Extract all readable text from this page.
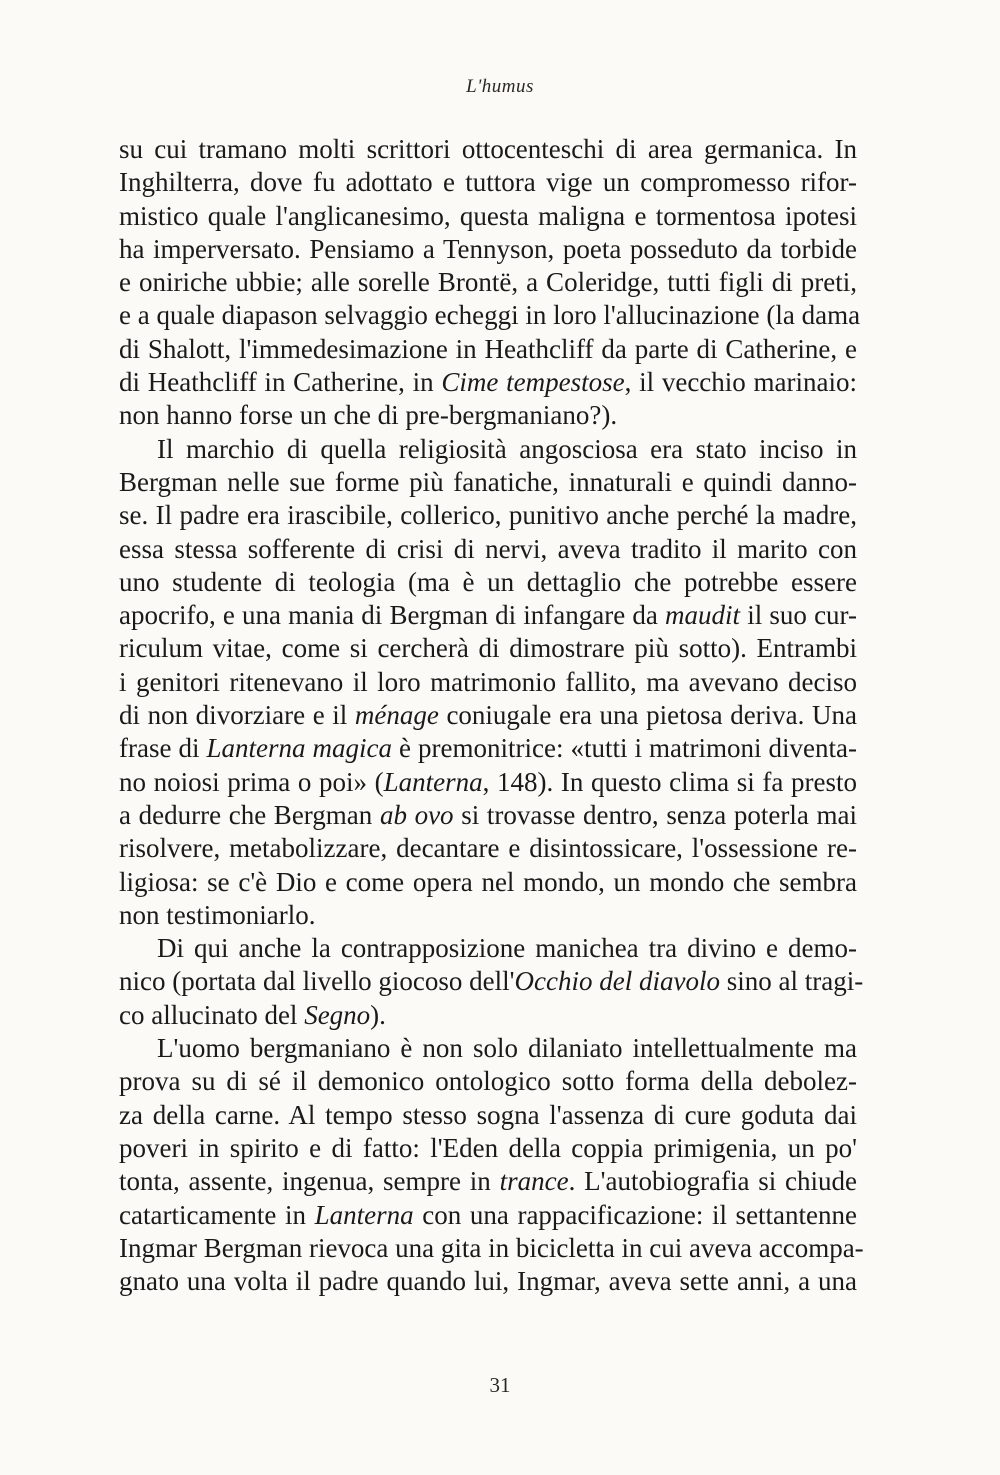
L'humus
su cui tramano molti scrittori ottocenteschi di area germanica. In
Inghilterra, dove fu adottato e tuttora vige un compromesso rifor-
mistico quale l'anglicanesimo, questa maligna e tormentosa ipotesi
ha imperversato. Pensiamo a Tennyson, poeta posseduto da torbide
e oniriche ubbie; alle sorelle Brontë, a Coleridge, tutti figli di preti,
e a quale diapason selvaggio echeggi in loro l'allucinazione (la dama
di Shalott, l'immedesimazione in Heathcliff da parte di Catherine, e
di Heathcliff in Catherine, in Cime tempestose, il vecchio marinaio:
non hanno forse un che di pre-bergmaniano?).
Il marchio di quella religiosità angosciosa era stato inciso in
Bergman nelle sue forme più fanatiche, innaturali e quindi danno-
se. Il padre era irascibile, collerico, punitivo anche perché la madre,
essa stessa sofferente di crisi di nervi, aveva tradito il marito con
uno studente di teologia (ma è un dettaglio che potrebbe essere
apocrifo, e una mania di Bergman di infangare da maudit il suo cur-
riculum vitae, come si cercherà di dimostrare più sotto). Entrambi
i genitori ritenevano il loro matrimonio fallito, ma avevano deciso
di non divorziare e il ménage coniugale era una pietosa deriva. Una
frase di Lanterna magica è premonitrice: «tutti i matrimoni diventa-
no noiosi prima o poi» (Lanterna, 148). In questo clima si fa presto
a dedurre che Bergman ab ovo si trovasse dentro, senza poterla mai
risolvere, metabolizzare, decantare e disintossicare, l'ossessione re-
ligiosa: se c'è Dio e come opera nel mondo, un mondo che sembra
non testimoniarlo.
Di qui anche la contrapposizione manichea tra divino e demo-
nico (portata dal livello giocoso dell'Occhio del diavolo sino al tragi-
co allucinato del Segno).
L'uomo bergmaniano è non solo dilaniato intellettualmente ma
prova su di sé il demonico ontologico sotto forma della debolez-
za della carne. Al tempo stesso sogna l'assenza di cure goduta dai
poveri in spirito e di fatto: l'Eden della coppia primigenia, un po'
tonta, assente, ingenua, sempre in trance. L'autobiografia si chiude
catarticamente in Lanterna con una rappacificazione: il settantenne
Ingmar Bergman rievoca una gita in bicicletta in cui aveva accompa-
gnato una volta il padre quando lui, Ingmar, aveva sette anni, a una
31
